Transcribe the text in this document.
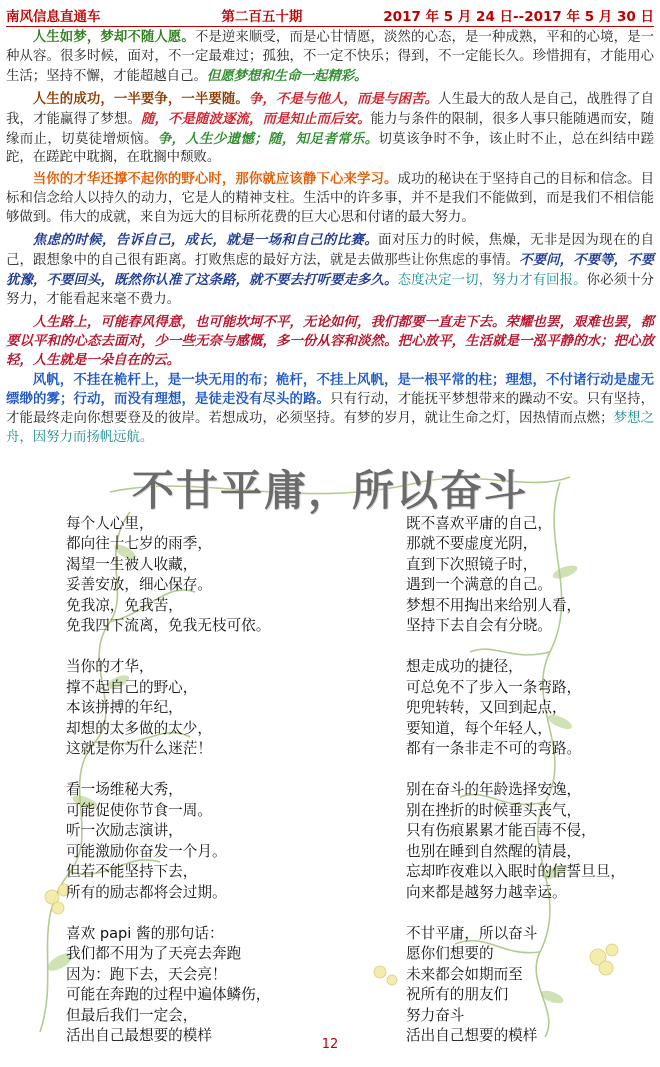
南风信息直通车	第二百五十期	2017 年 5 月 24 日--2017 年 5 月 30 日

人生如梦，梦却不随人愿。不是逆来顺受，而是心甘情愿，淡然的心态，是一种成熟，平和的心境，是一种从容。很多时候，面对，不一定最难过；孤独，不一定不快乐；得到，不一定能长久。珍惜拥有，才能用心生活；坚持不懈，才能超越自己。但愿梦想和生命一起精彩。

人生的成功，一半要争，一半要随。争，不是与他人，而是与困苦。人生最大的敌人是自己，战胜得了自我，才能赢得了梦想。随，不是随波逐流，而是知止而后安。能力与条件的限制，很多人事只能随遇而安，随缘而止，切莫徒增烦恼。争，人生少遗憾；随，知足者常乐。切莫该争时不争，该止时不止，总在纠结中蹉跎，在蹉跎中耽搁，在耽搁中颓败。

当你的才华还撑不起你的野心时，那你就应该静下心来学习。成功的秘诀在于坚持自己的目标和信念。目标和信念给人以持久的动力，它是人的精神支柱。生活中的许多事，并不是我们不能做到，而是我们不相信能够做到。伟大的成就，来自为远大的目标所花费的巨大心思和付诸的最大努力。

焦虑的时候，告诉自己，成长，就是一场和自己的比赛。面对压力的时候，焦燥，无非是因为现在的自己，跟想象中的自己很有距离。打败焦虑的最好方法，就是去做那些让你焦虑的事情。不要问，不要等，不要犹豫，不要回头，既然你认准了这条路，就不要去打听要走多久。态度决定一切，努力才有回报。你必须十分努力，才能看起来毫不费力。

人生路上，可能春风得意，也可能坎坷不平，无论如何，我们都要一直走下去。荣耀也罢，艰难也罢，都要以平和的心态去面对，少一些无奈与感慨，多一份从容和淡然。把心放平，生活就是一泓平静的水；把心放轻，人生就是一朵自在的云。

风帆，不挂在桅杆上，是一块无用的布；桅杆，不挂上风帆，是一根平常的柱；理想，不付诸行动是虚无缥缈的雾；行动，而没有理想，是徒走没有尽头的路。只有行动，才能抚平梦想带来的躁动不安。只有坚持，才能最终走向你想要登及的彼岸。若想成功，必须坚持。有梦的岁月，就让生命之灯，因热情而点燃；梦想之舟，因努力而扬帆远航。

不甘平庸，所以奋斗
每个人心里，
都向往十七岁的雨季，
渴望一生被人收藏，
妥善安放，细心保存。
免我凉，免我苦，
免我四下流离，免我无枝可依。
当你的才华，
撑不起自己的野心，
本该拼搏的年纪，
却想的太多做的太少，
这就是你为什么迷茫！
看一场维秘大秀，
可能促使你节食一周。
听一次励志演讲，
可能激励你奋发一个月。
但若不能坚持下去，
所有的励志都将会过期。
喜欢 papi 酱的那句话：
我们都不用为了天亮去奔跑
因为：跑下去，天会亮！
可能在奔跑的过程中遍体鳞伤，
但最后我们一定会，
活出自己最想要的模样
既不喜欢平庸的自己，
那就不要虚度光阴，
直到下次照镜子时，
遇到一个满意的自己。
梦想不用掏出来给别人看，
坚持下去自会有分晓。
想走成功的捷径，
可总免不了步入一条弯路，
兜兜转转，又回到起点，
要知道，每个年轻人，
都有一条非走不可的弯路。
别在奋斗的年龄选择安逸，
别在挫折的时候垂头丧气，
只有伤痕累累才能百毒不侵，
也别在睡到自然醒的清晨，
忘却昨夜难以入眠时的信誓旦旦，
向来都是越努力越幸运。
不甘平庸，所以奋斗
愿你们想要的
未来都会如期而至
祝所有的朋友们
努力奋斗
活出自己想要的模样
12
